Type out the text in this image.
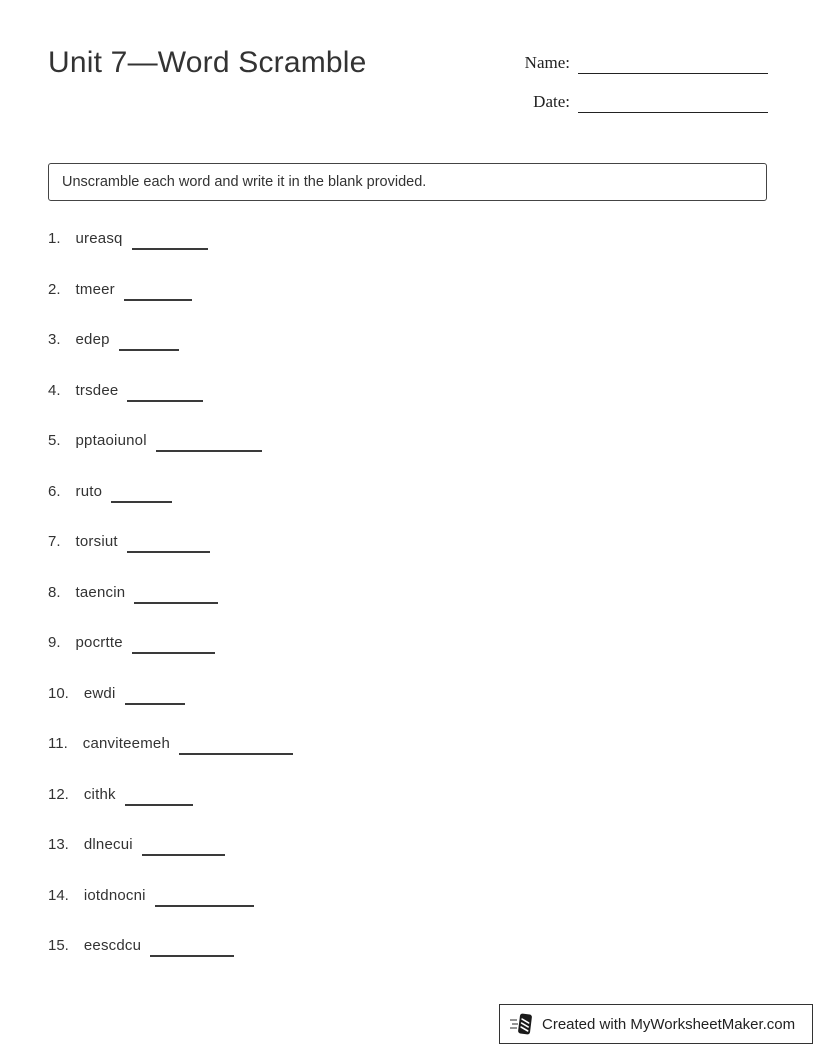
Unit 7—Word Scramble	Name:
Date:
Unscramble each word and write it in the blank provided.
1. ureasq
2. tmeer
3. edep
4. trsdee
5. pptaoiunol
6. ruto
7. torsiut
8. taencin
9. pocrtte
10. ewdi
11. canviteemeh
12. cithk
13. dlnecui
14. iotdnocni
15. eescdcu
Created with MyWorksheetMaker.com
